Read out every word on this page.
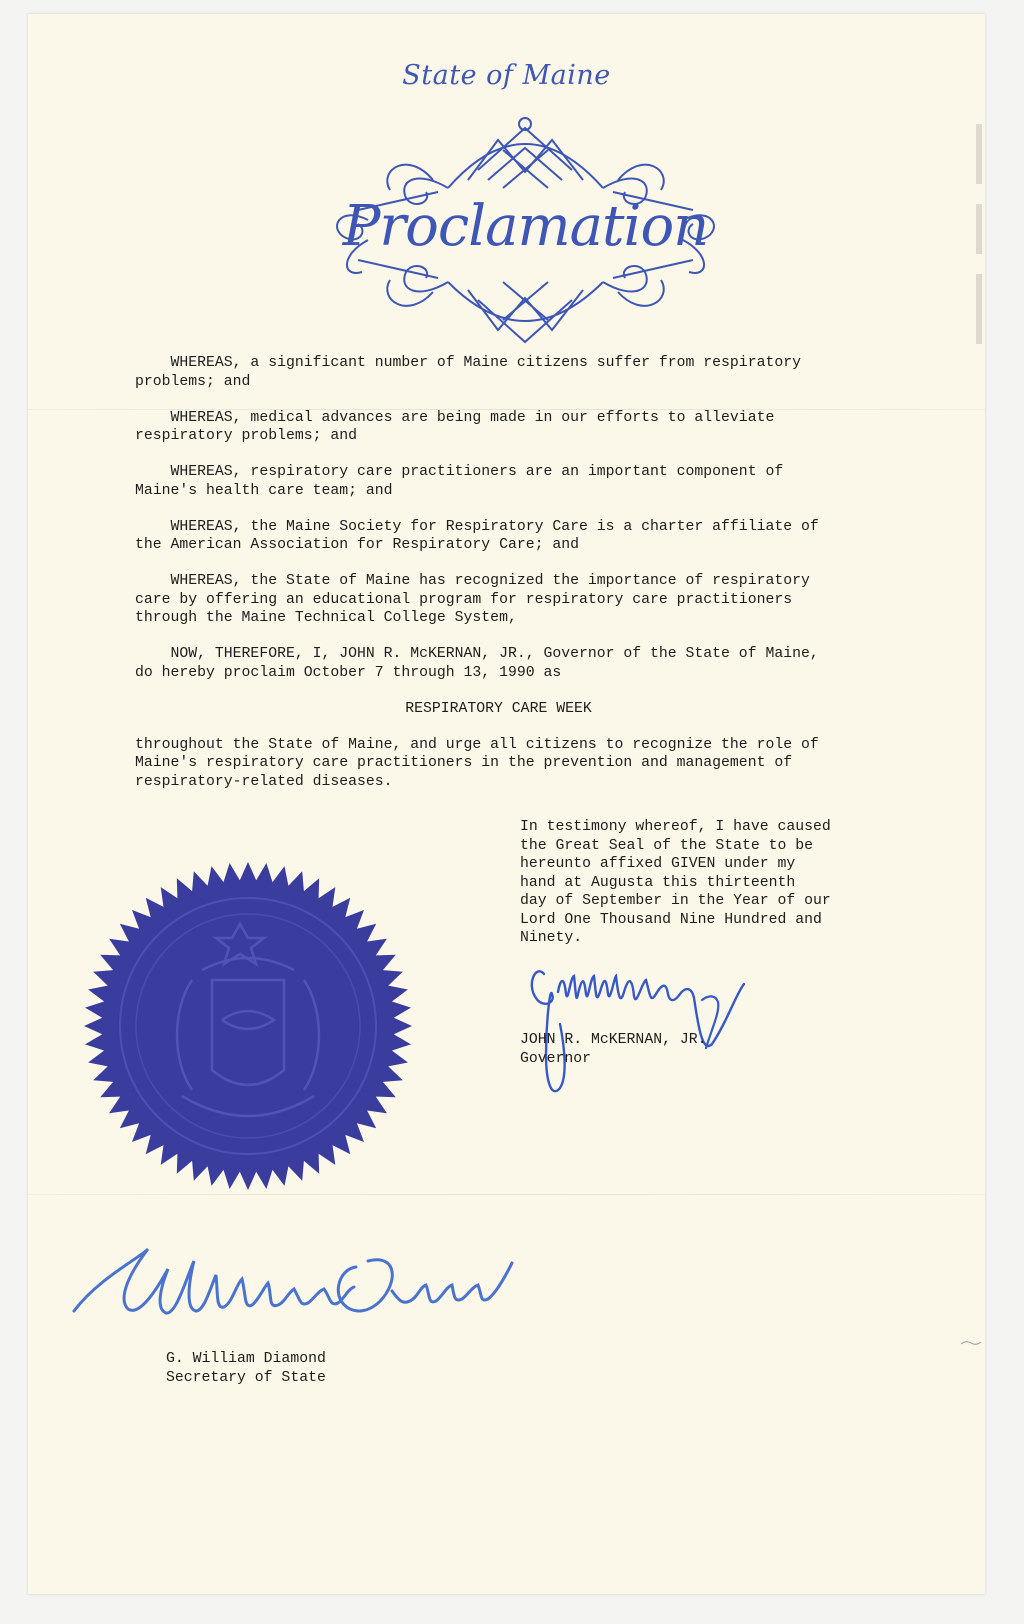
State of Maine
Proclamation

WHEREAS, a significant number of Maine citizens suffer from respiratory
problems; and

WHEREAS, medical advances are being made in our efforts to alleviate
respiratory problems; and

WHEREAS, respiratory care practitioners are an important component of
Maine's health care team; and

WHEREAS, the Maine Society for Respiratory Care is a charter affiliate of
the American Association for Respiratory Care; and

WHEREAS, the State of Maine has recognized the importance of respiratory
care by offering an educational program for respiratory care practitioners
through the Maine Technical College System,

NOW, THEREFORE, I, JOHN R. McKERNAN, JR., Governor of the State of Maine,
do hereby proclaim October 7 through 13, 1990 as

RESPIRATORY CARE WEEK

throughout the State of Maine, and urge all citizens to recognize the role of
Maine's respiratory care practitioners in the prevention and management of
respiratory-related diseases.

In testimony whereof, I have caused
the Great Seal of the State to be
hereunto affixed GIVEN under my
hand at Augusta this thirteenth
day of September in the Year of our
Lord One Thousand Nine Hundred and
Ninety.

JOHN R. McKERNAN, JR.
Governor

G. William Diamond
Secretary of State
